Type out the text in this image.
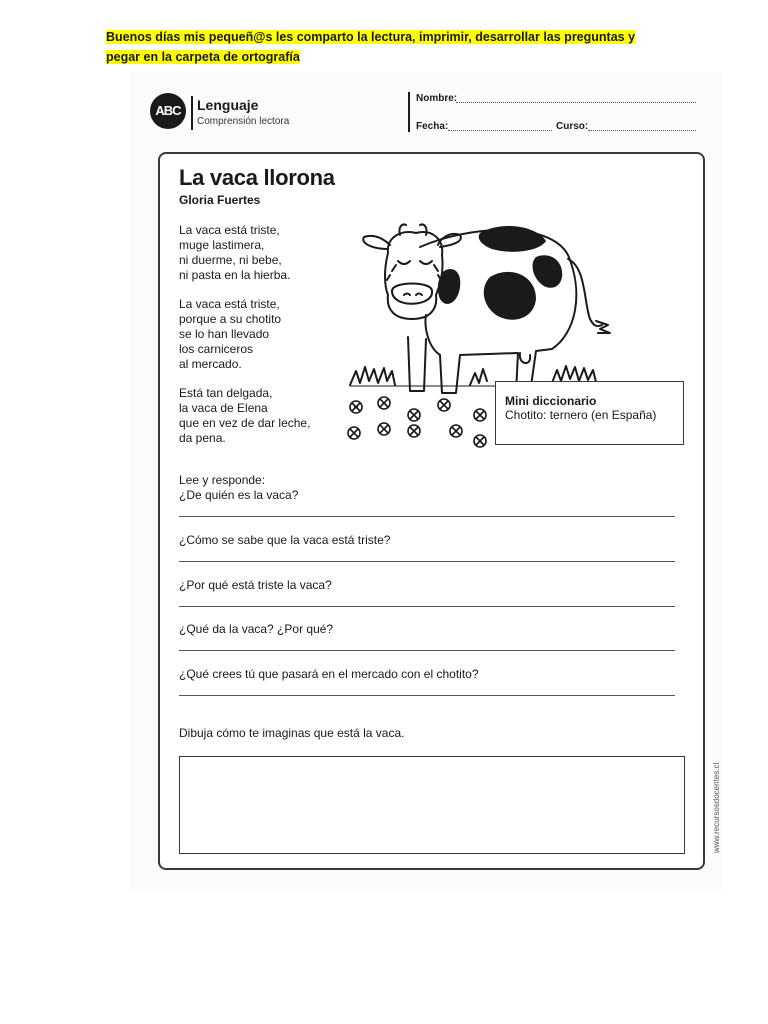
Buenos días mis pequeñ@s les comparto la lectura, imprimir, desarrollar las preguntas y pegar en la carpeta de ortografía
ABC	Lenguaje
Comprensión lectora
Nombre:
Fecha:	Curso:
La vaca llorona
Gloria Fuertes
La vaca está triste,
muge lastimera,
ni duerme, ni bebe,
ni pasta en la hierba.
La vaca está triste,
porque a su chotito
se lo han llevado
los carniceros
al mercado.
Está tan delgada,
la vaca de Elena
que en vez de dar leche,
da pena.
Mini diccionario
Chotito: ternero (en España)
Lee y responde:
¿De quién es la vaca?
¿Cómo se sabe que la vaca está triste?
¿Por qué está triste la vaca?
¿Qué da la vaca? ¿Por qué?
¿Qué crees tú que pasará en el mercado con el chotito?
Dibuja cómo te imaginas que está la vaca.
www.recursosdocentes.cl
